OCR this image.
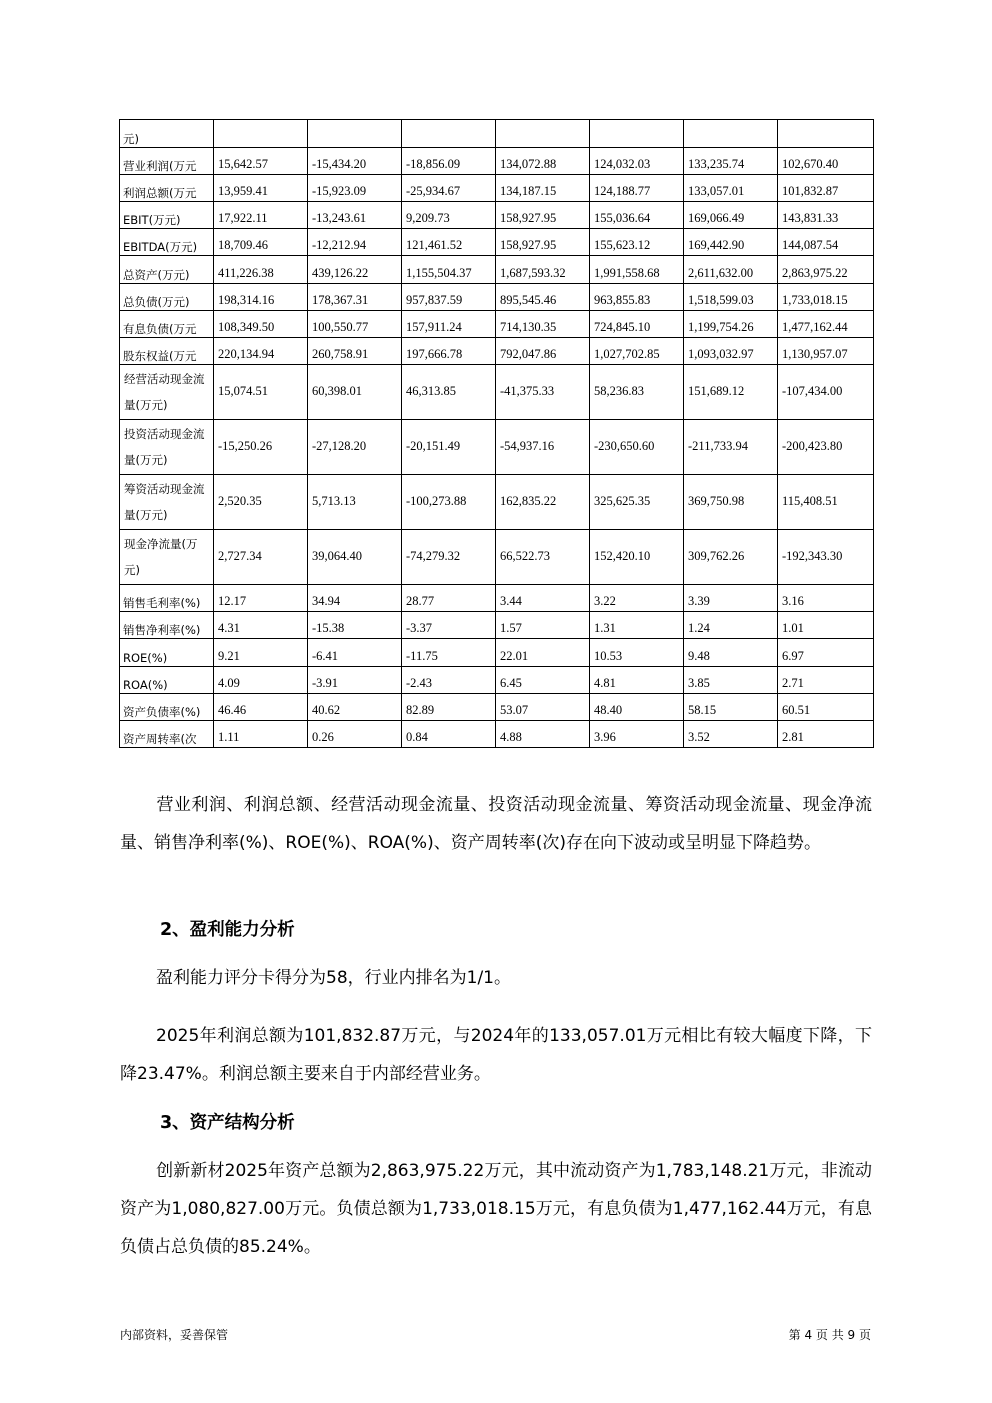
元)							
营业利润(万元	15,642.57	-15,434.20	-18,856.09	134,072.88	124,032.03	133,235.74	102,670.40
利润总额(万元	13,959.41	-15,923.09	-25,934.67	134,187.15	124,188.77	133,057.01	101,832.87
EBIT(万元)	17,922.11	-13,243.61	9,209.73	158,927.95	155,036.64	169,066.49	143,831.33
EBITDA(万元)	18,709.46	-12,212.94	121,461.52	158,927.95	155,623.12	169,442.90	144,087.54
总资产(万元)	411,226.38	439,126.22	1,155,504.37	1,687,593.32	1,991,558.68	2,611,632.00	2,863,975.22
总负债(万元)	198,314.16	178,367.31	957,837.59	895,545.46	963,855.83	1,518,599.03	1,733,018.15
有息负债(万元	108,349.50	100,550.77	157,911.24	714,130.35	724,845.10	1,199,754.26	1,477,162.44
股东权益(万元	220,134.94	260,758.91	197,666.78	792,047.86	1,027,702.85	1,093,032.97	1,130,957.07
经营活动现金流量(万元)	15,074.51	60,398.01	46,313.85	-41,375.33	58,236.83	151,689.12	-107,434.00
投资活动现金流量(万元)	-15,250.26	-27,128.20	-20,151.49	-54,937.16	-230,650.60	-211,733.94	-200,423.80
筹资活动现金流量(万元)	2,520.35	5,713.13	-100,273.88	162,835.22	325,625.35	369,750.98	115,408.51
现金净流量(万元)	2,727.34	39,064.40	-74,279.32	66,522.73	152,420.10	309,762.26	-192,343.30
销售毛利率(%)	12.17	34.94	28.77	3.44	3.22	3.39	3.16
销售净利率(%)	4.31	-15.38	-3.37	1.57	1.31	1.24	1.01
ROE(%)	9.21	-6.41	-11.75	22.01	10.53	9.48	6.97
ROA(%)	4.09	-3.91	-2.43	6.45	4.81	3.85	2.71
资产负债率(%)	46.46	40.62	82.89	53.07	48.40	58.15	60.51
资产周转率(次	1.11	0.26	0.84	4.88	3.96	3.52	2.81

营业利润、利润总额、经营活动现金流量、投资活动现金流量、筹资活动现金流量、现金净流量、销售净利率(%)、ROE(%)、ROA(%)、资产周转率(次)存在向下波动或呈明显下降趋势。

2、盈利能力分析

盈利能力评分卡得分为58，行业内排名为1/1。

2025年利润总额为101,832.87万元，与2024年的133,057.01万元相比有较大幅度下降，下降23.47%。利润总额主要来自于内部经营业务。

3、资产结构分析

创新新材2025年资产总额为2,863,975.22万元，其中流动资产为1,783,148.21万元，非流动资产为1,080,827.00万元。负债总额为1,733,018.15万元，有息负债为1,477,162.44万元，有息负债占总负债的85.24%。

内部资料，妥善保管	第 4 页 共 9 页
